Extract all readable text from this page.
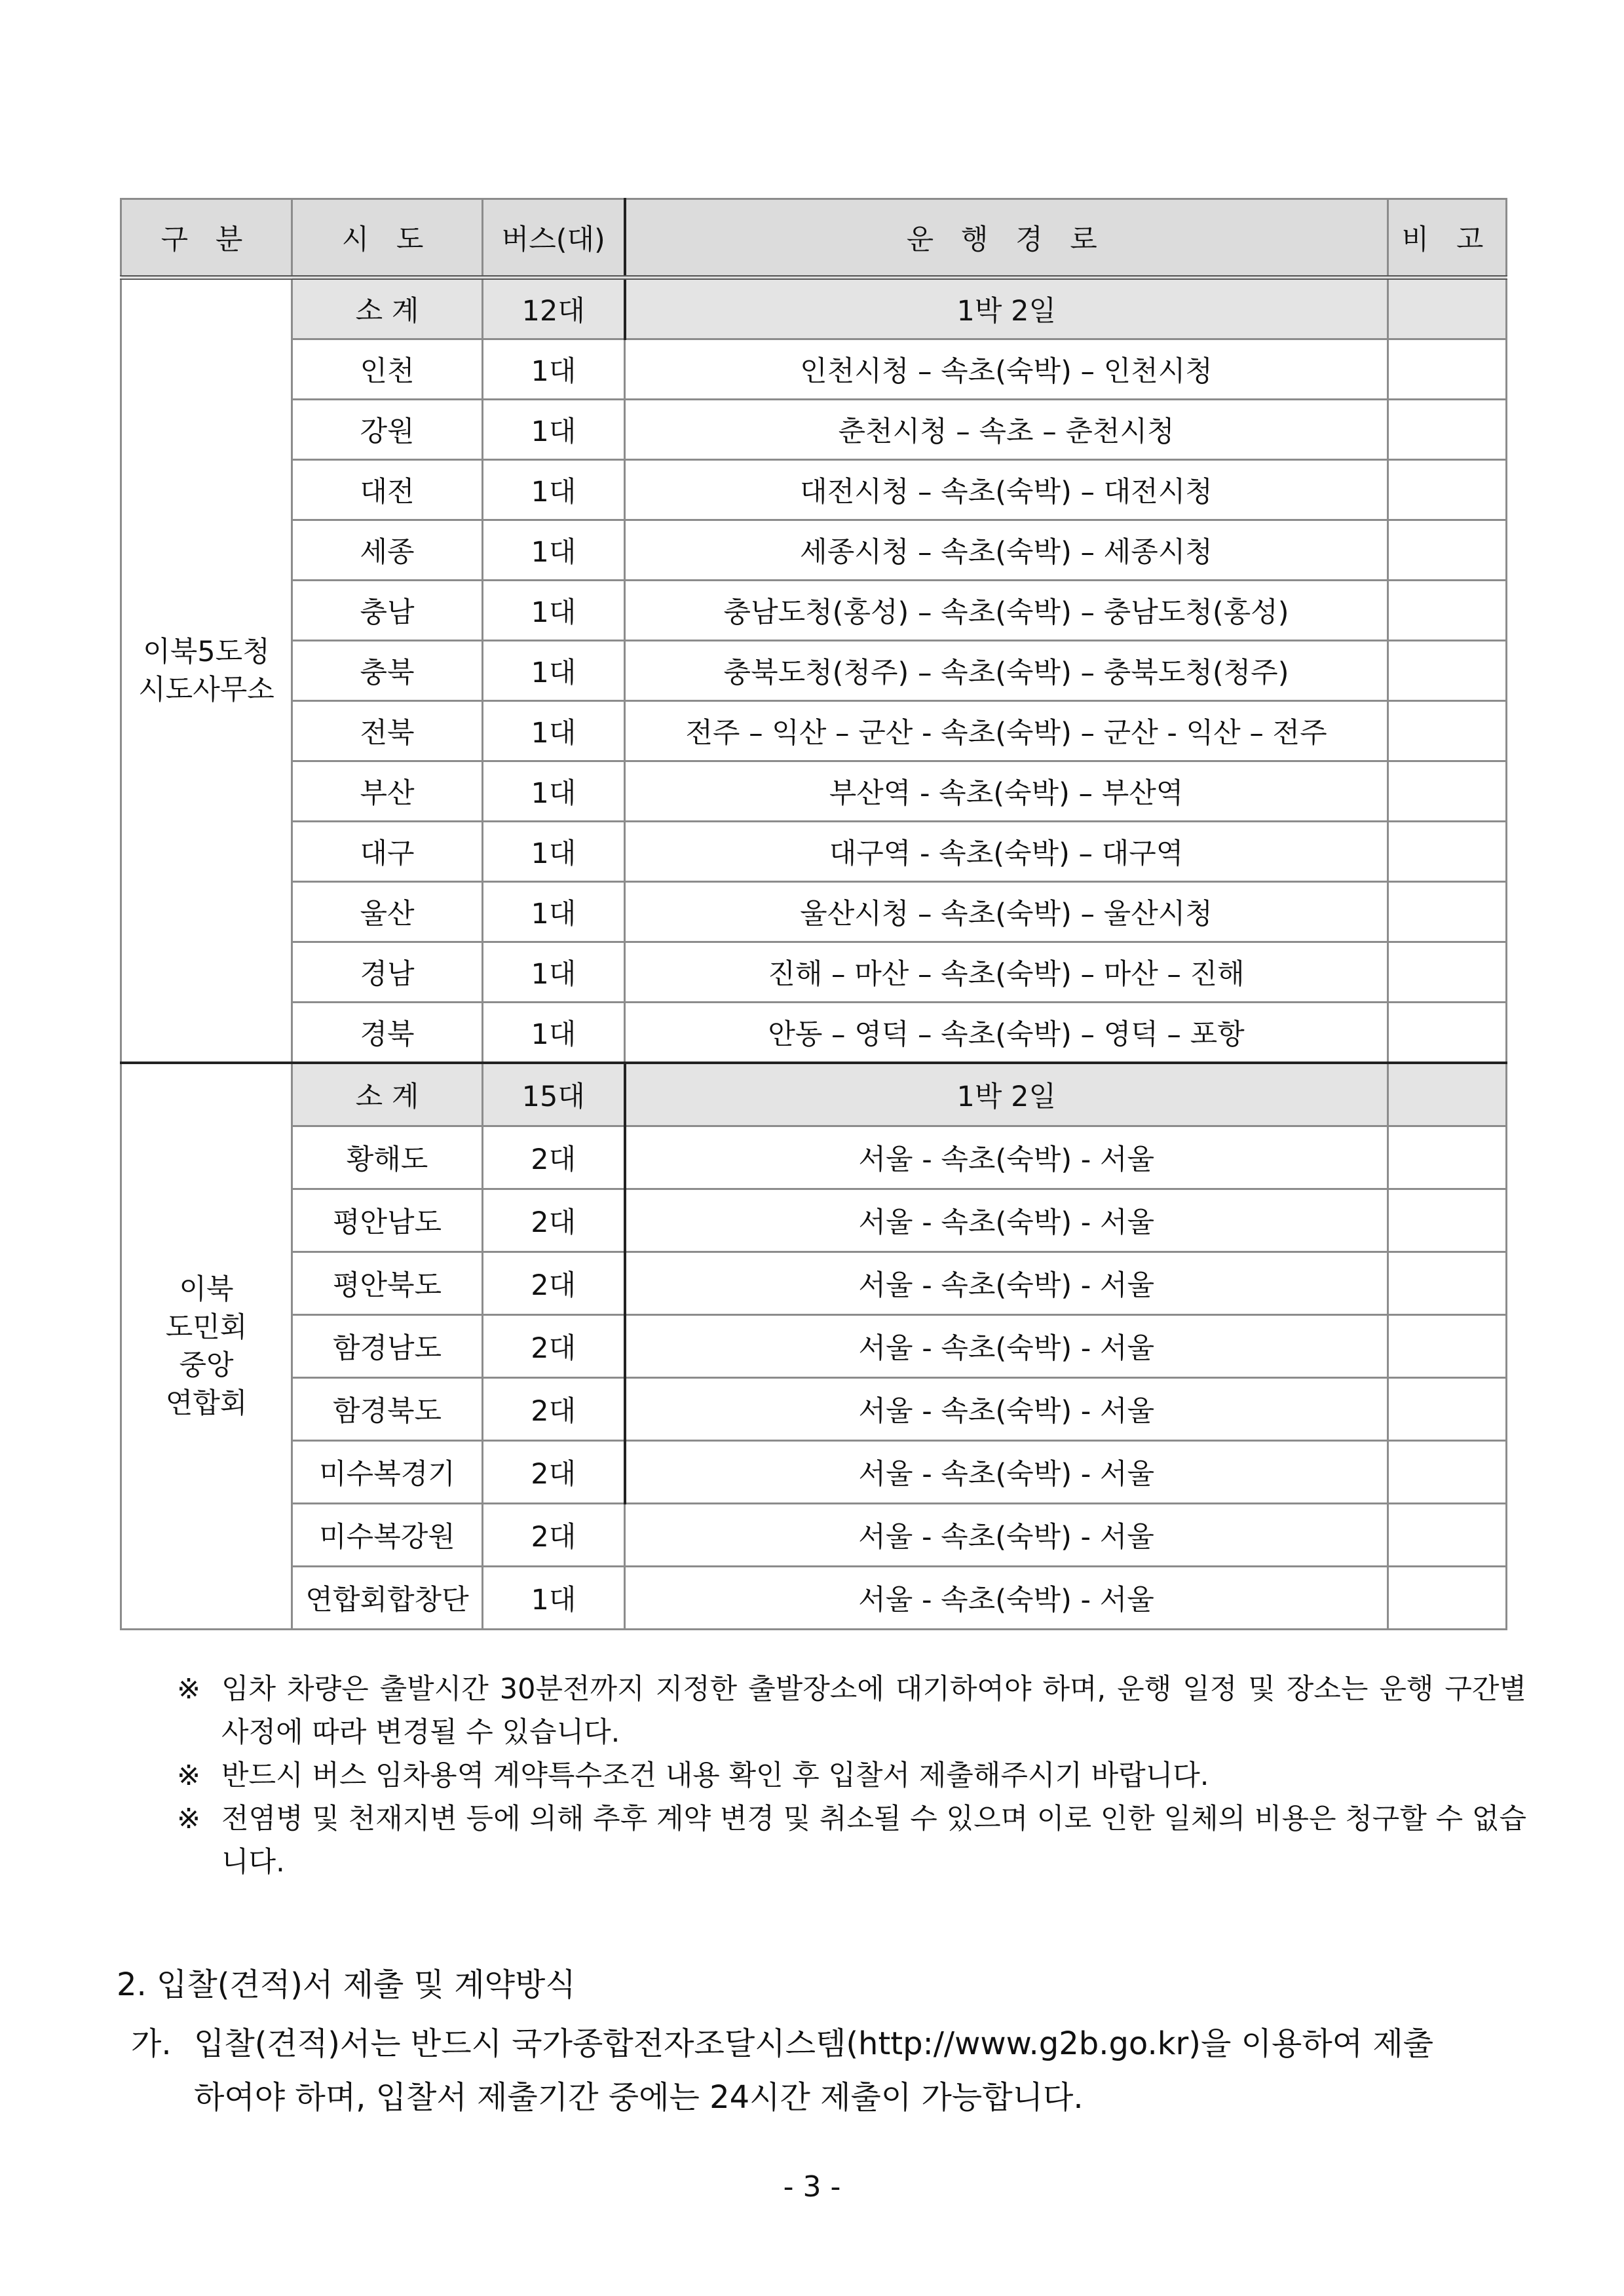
구 분	시 도	버스(대)	운 행 경 로	비 고

이북5도청
시도사무소	소 계	12대	1박 2일	
	인천	1대	인천시청 – 속초(숙박) – 인천시청	
	강원	1대	춘천시청 – 속초 – 춘천시청	
	대전	1대	대전시청 – 속초(숙박) – 대전시청	
	세종	1대	세종시청 – 속초(숙박) – 세종시청	
	충남	1대	충남도청(홍성) – 속초(숙박) – 충남도청(홍성)	
	충북	1대	충북도청(청주) – 속초(숙박) – 충북도청(청주)	
	전북	1대	전주 – 익산 – 군산 - 속초(숙박) – 군산 - 익산 – 전주	
	부산	1대	부산역 - 속초(숙박) – 부산역	
	대구	1대	대구역 - 속초(숙박) – 대구역	
	울산	1대	울산시청 – 속초(숙박) – 울산시청	
	경남	1대	진해 – 마산 – 속초(숙박) – 마산 – 진해	
	경북	1대	안동 – 영덕 – 속초(숙박) – 영덕 – 포항	

이북
도민회
중앙
연합회	소 계	15대	1박 2일	
	황해도	2대	서울 - 속초(숙박) - 서울	
	평안남도	2대	서울 - 속초(숙박) - 서울	
	평안북도	2대	서울 - 속초(숙박) - 서울	
	함경남도	2대	서울 - 속초(숙박) - 서울	
	함경북도	2대	서울 - 속초(숙박) - 서울	
	미수복경기	2대	서울 - 속초(숙박) - 서울	
	미수복강원	2대	서울 - 속초(숙박) - 서울	
	연합회합창단	1대	서울 - 속초(숙박) - 서울	
※ 임차 차량은 출발시간 30분전까지 지정한 출발장소에 대기하여야 하며, 운행 일정 및 장소는 운행 구간별 사정에 따라 변경될 수 있습니다.
※ 반드시 버스 임차용역 계약특수조건 내용 확인 후 입찰서 제출해주시기 바랍니다.
※ 전염병 및 천재지변 등에 의해 추후 계약 변경 및 취소될 수 있으며 이로 인한 일체의 비용은 청구할 수 없습니다.
2. 입찰(견적)서 제출 및 계약방식
가. 입찰(견적)서는 반드시 국가종합전자조달시스템(http://www.g2b.go.kr)을 이용하여 제출
하여야 하며, 입찰서 제출기간 중에는 24시간 제출이 가능합니다.
- 3 -
